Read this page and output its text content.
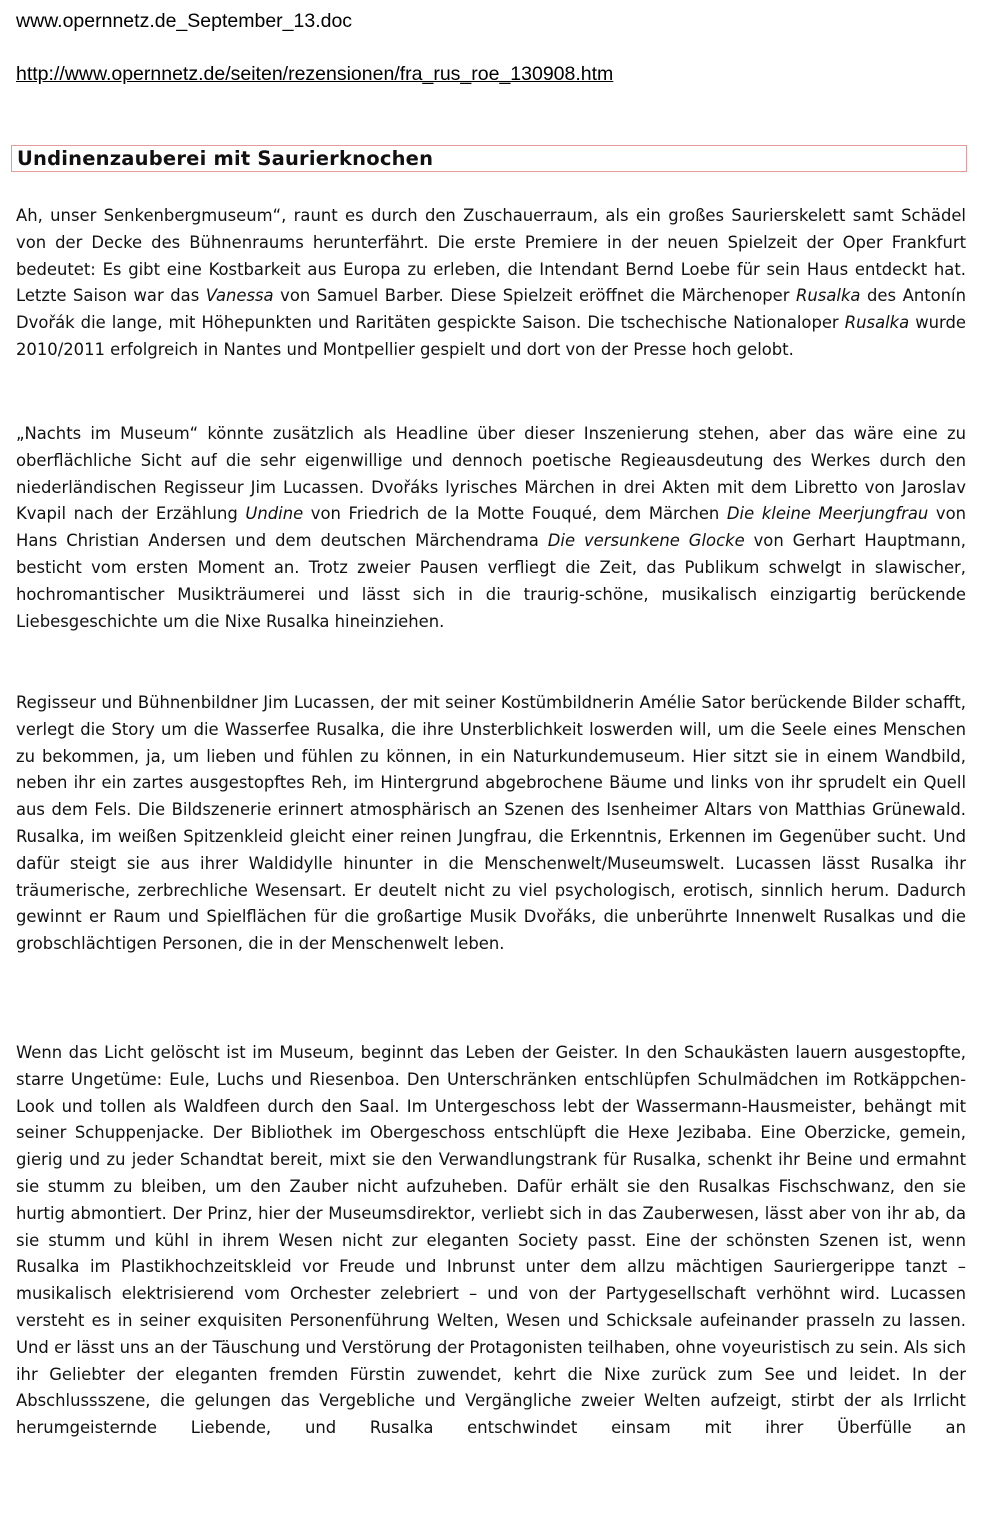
www.opernnetz.de_September_13.doc
http://www.opernnetz.de/seiten/rezensionen/fra_rus_roe_130908.htm
Undinenzauberei mit Saurierknochen

Ah, unser Senkenbergmuseum“, raunt es durch den Zuschauerraum, als ein großes Saurierskelett samt Schädel von der Decke des Bühnenraums herunterfährt. Die erste Premiere in der neuen Spielzeit der Oper Frankfurt bedeutet: Es gibt eine Kostbarkeit aus Europa zu erleben, die Intendant Bernd Loebe für sein Haus entdeckt hat. Letzte Saison war das Vanessa von Samuel Barber. Diese Spielzeit eröffnet die Märchenoper Rusalka des Antonín Dvořák die lange, mit Höhepunkten und Raritäten gespickte Saison. Die tschechische Nationaloper Rusalka wurde 2010/2011 erfolgreich in Nantes und Montpellier gespielt und dort von der Presse hoch gelobt.

„Nachts im Museum“ könnte zusätzlich als Headline über dieser Inszenierung stehen, aber das wäre eine zu oberflächliche Sicht auf die sehr eigenwillige und dennoch poetische Regieausdeutung des Werkes durch den niederländischen Regisseur Jim Lucassen. Dvořáks lyrisches Märchen in drei Akten mit dem Libretto von Jaroslav Kvapil nach der Erzählung Undine von Friedrich de la Motte Fouqué, dem Märchen Die kleine Meerjungfrau von Hans Christian Andersen und dem deutschen Märchendrama Die versunkene Glocke von Gerhart Hauptmann, besticht vom ersten Moment an. Trotz zweier Pausen verfliegt die Zeit, das Publikum schwelgt in slawischer, hochromantischer Musikträumerei und lässt sich in die traurig-schöne, musikalisch einzigartig berückende Liebesgeschichte um die Nixe Rusalka hineinziehen.

Regisseur und Bühnenbildner Jim Lucassen, der mit seiner Kostümbildnerin Amélie Sator berückende Bilder schafft, verlegt die Story um die Wasserfee Rusalka, die ihre Unsterblichkeit loswerden will, um die Seele eines Menschen zu bekommen, ja, um lieben und fühlen zu können, in ein Naturkundemuseum. Hier sitzt sie in einem Wandbild, neben ihr ein zartes ausgestopftes Reh, im Hintergrund abgebrochene Bäume und links von ihr sprudelt ein Quell aus dem Fels. Die Bildszenerie erinnert atmosphärisch an Szenen des Isenheimer Altars von Matthias Grünewald. Rusalka, im weißen Spitzenkleid gleicht einer reinen Jungfrau, die Erkenntnis, Erkennen im Gegenüber sucht. Und dafür steigt sie aus ihrer Waldidylle hinunter in die Menschenwelt/Museumswelt. Lucassen lässt Rusalka ihr träumerische, zerbrechliche Wesensart. Er deutelt nicht zu viel psychologisch, erotisch, sinnlich herum. Dadurch gewinnt er Raum und Spielflächen für die großartige Musik Dvořáks, die unberührte Innenwelt Rusalkas und die grobschlächtigen Personen, die in der Menschenwelt leben.

Wenn das Licht gelöscht ist im Museum, beginnt das Leben der Geister. In den Schaukästen lauern ausgestopfte, starre Ungetüme: Eule, Luchs und Riesenboa. Den Unterschränken entschlüpfen Schulmädchen im Rotkäppchen-Look und tollen als Waldfeen durch den Saal. Im Untergeschoss lebt der Wassermann-Hausmeister, behängt mit seiner Schuppenjacke. Der Bibliothek im Obergeschoss entschlüpft die Hexe Jezibaba. Eine Oberzicke, gemein, gierig und zu jeder Schandtat bereit, mixt sie den Verwandlungstrank für Rusalka, schenkt ihr Beine und ermahnt sie stumm zu bleiben, um den Zauber nicht aufzuheben. Dafür erhält sie den Rusalkas Fischschwanz, den sie hurtig abmontiert. Der Prinz, hier der Museumsdirektor, verliebt sich in das Zauberwesen, lässt aber von ihr ab, da sie stumm und kühl in ihrem Wesen nicht zur eleganten Society passt. Eine der schönsten Szenen ist, wenn Rusalka im Plastikhochzeitskleid vor Freude und Inbrunst unter dem allzu mächtigen Sauriergerippe tanzt – musikalisch elektrisierend vom Orchester zelebriert – und von der Partygesellschaft verhöhnt wird. Lucassen versteht es in seiner exquisiten Personenführung Welten, Wesen und Schicksale aufeinander prasseln zu lassen. Und er lässt uns an der Täuschung und Verstörung der Protagonisten teilhaben, ohne voyeuristisch zu sein. Als sich ihr Geliebter der eleganten fremden Fürstin zuwendet, kehrt die Nixe zurück zum See und leidet. In der Abschlussszene, die gelungen das Vergebliche und Vergängliche zweier Welten aufzeigt, stirbt der als Irrlicht herumgeisternde Liebende, und Rusalka entschwindet einsam mit ihrer Überfülle an
